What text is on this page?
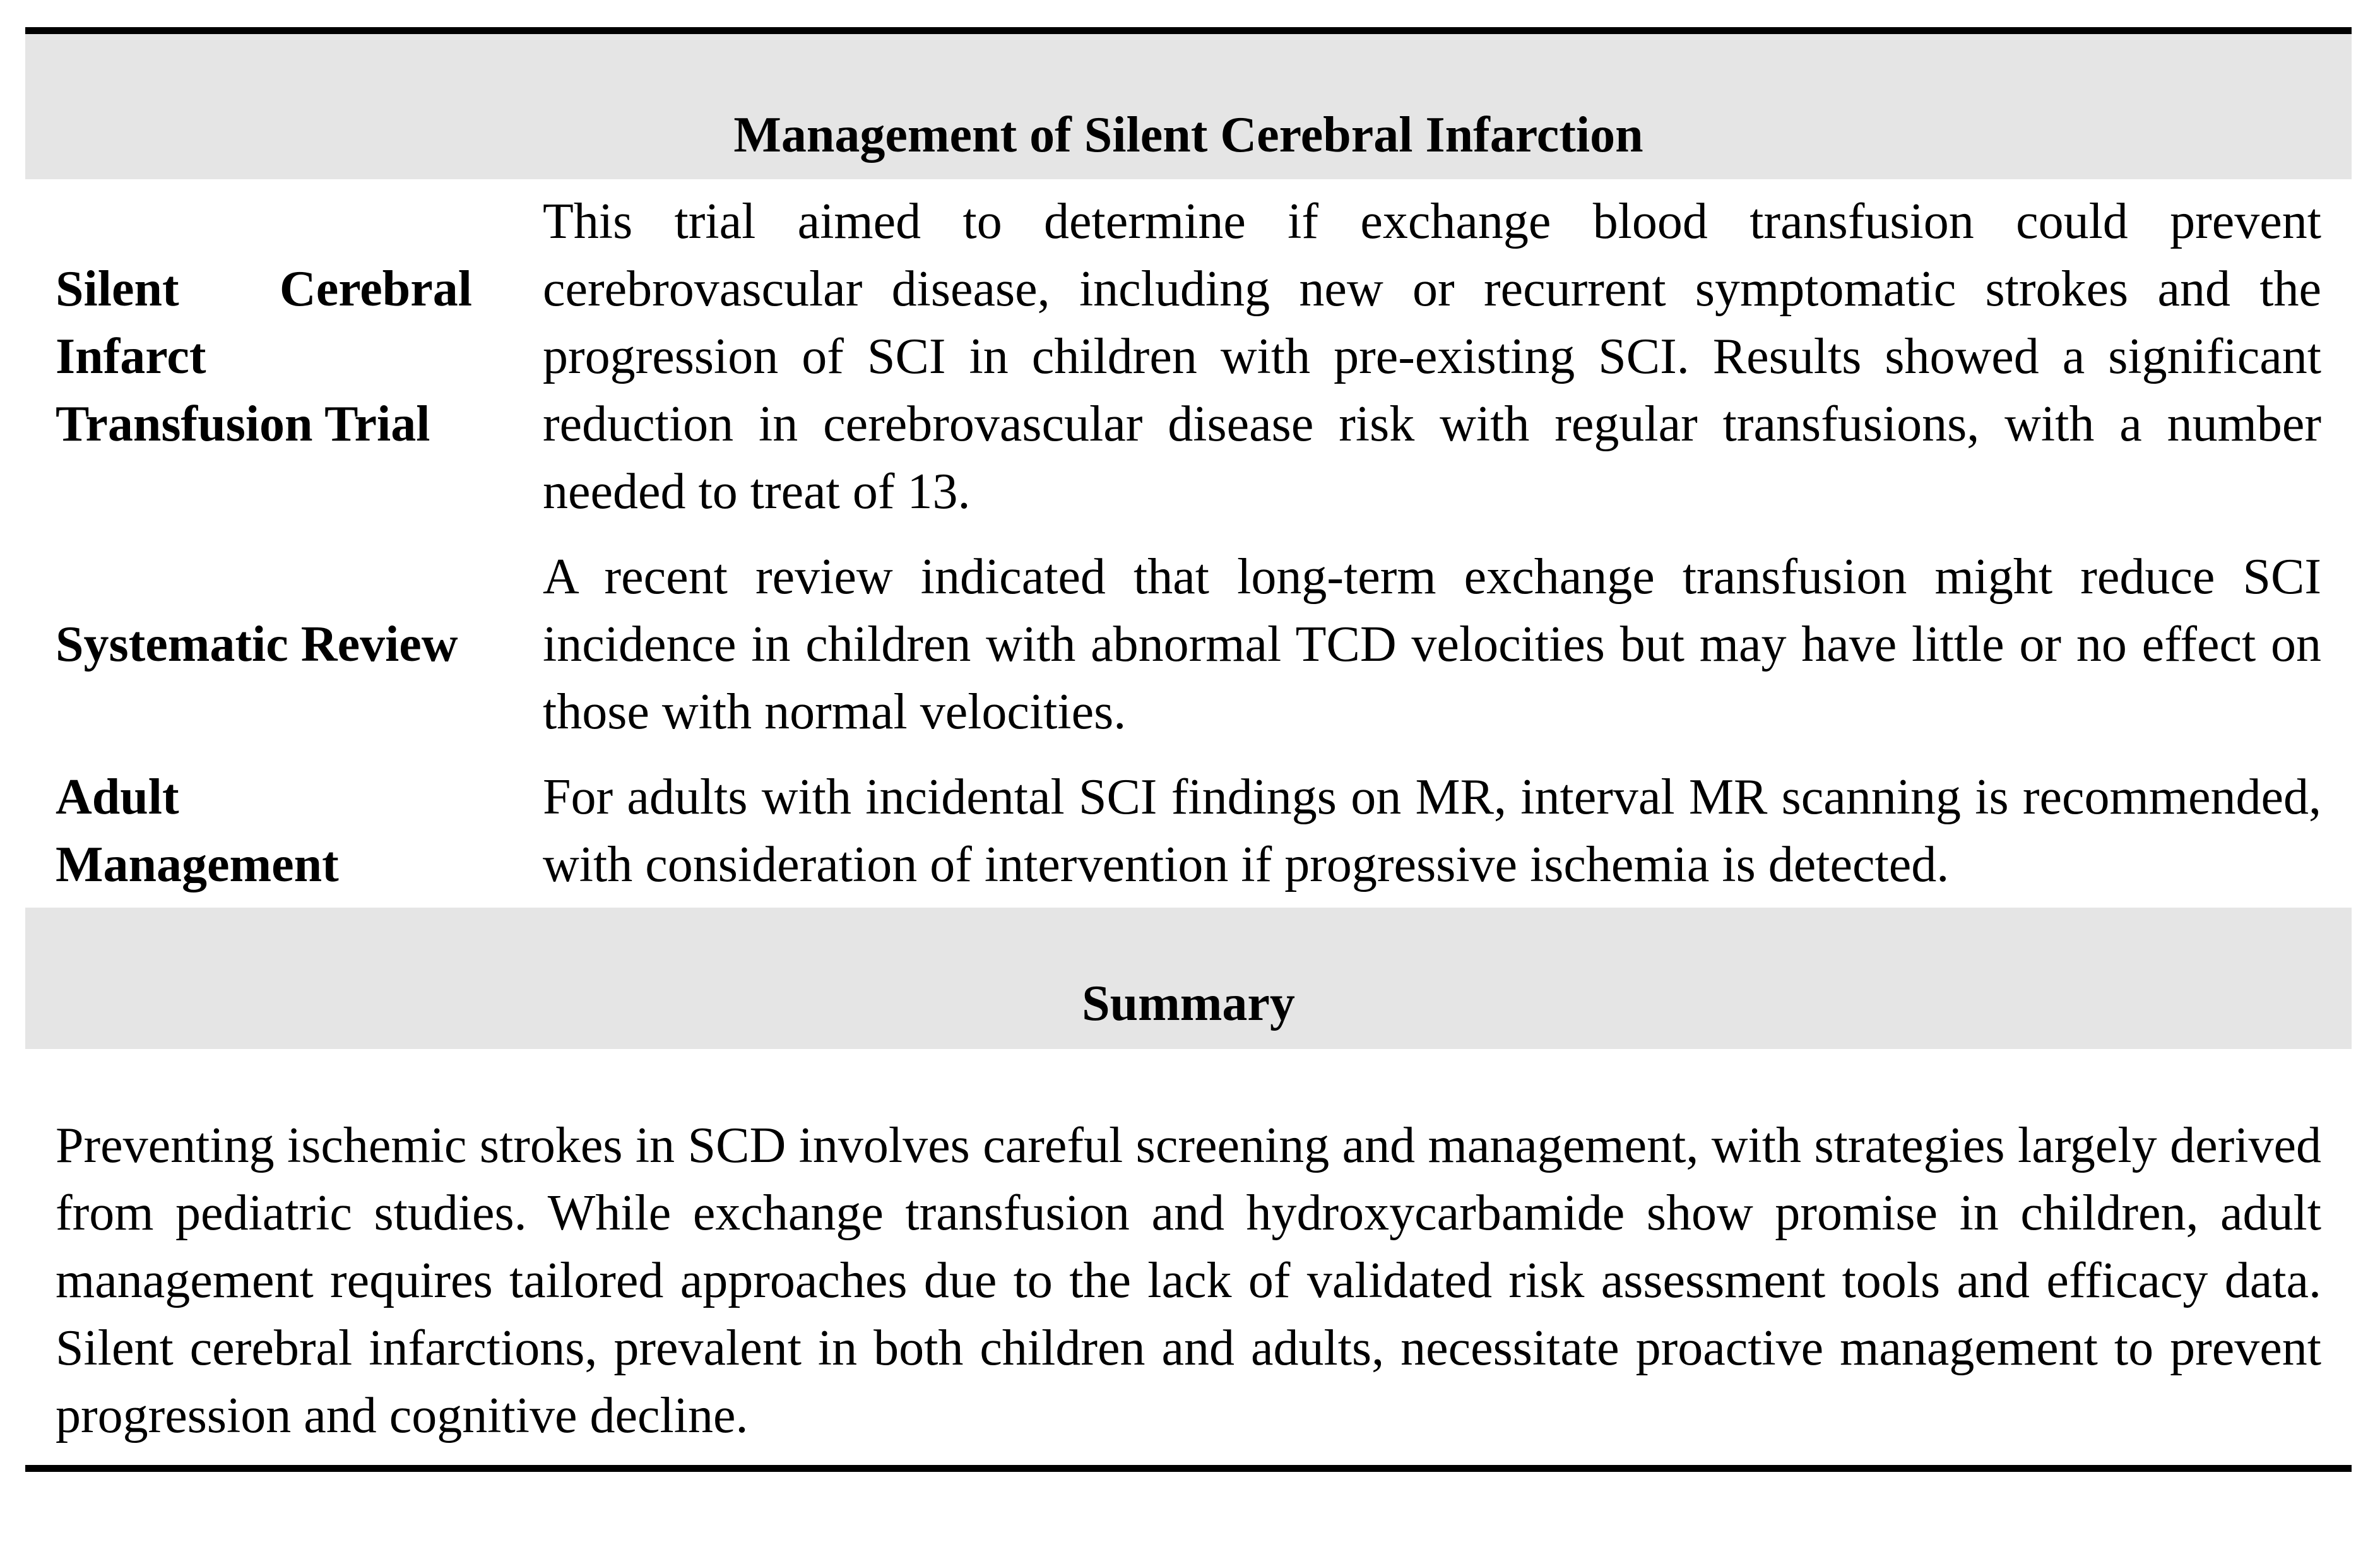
Management of Silent Cerebral Infarction

Silent Cerebral Infarct Transfusion Trial

This trial aimed to determine if exchange blood transfusion could prevent cerebrovascular disease, including new or recurrent symptomatic strokes and the progression of SCI in children with pre-existing SCI. Results showed a significant reduction in cerebrovascular disease risk with regular transfusions, with a number needed to treat of 13.

Systematic Review

A recent review indicated that long-term exchange transfusion might reduce SCI incidence in children with abnormal TCD velocities but may have little or no effect on those with normal velocities.

Adult Management

For adults with incidental SCI findings on MR, interval MR scanning is recommended, with consideration of intervention if progressive ischemia is detected.

Summary

Preventing ischemic strokes in SCD involves careful screening and management, with strategies largely derived from pediatric studies. While exchange transfusion and hydroxycarbamide show promise in children, adult management requires tailored approaches due to the lack of validated risk assessment tools and efficacy data. Silent cerebral infarctions, prevalent in both children and adults, necessitate proactive management to prevent progression and cognitive decline.
